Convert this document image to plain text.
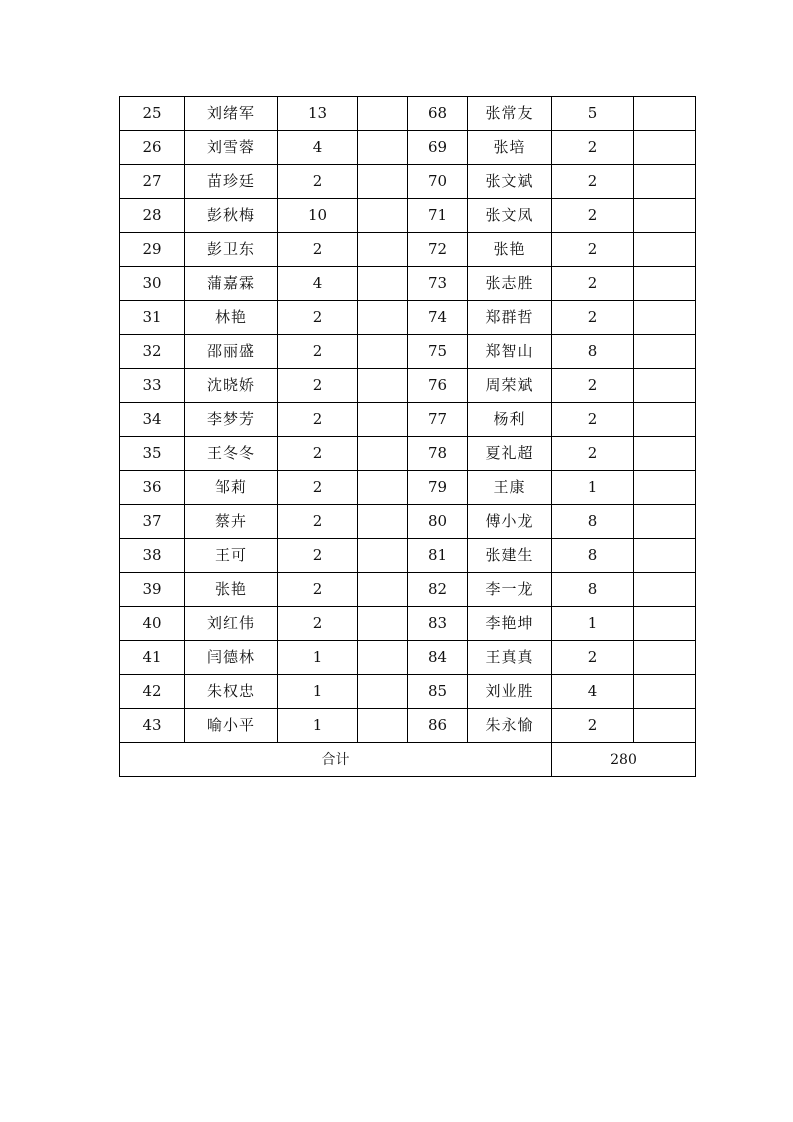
25	刘绪军	13		68	张常友	5	
26	刘雪蓉	4		69	张培	2	
27	苗珍廷	2		70	张文斌	2	
28	彭秋梅	10		71	张文凤	2	
29	彭卫东	2		72	张艳	2	
30	蒲嘉霖	4		73	张志胜	2	
31	林艳	2		74	郑群哲	2	
32	邵丽盛	2		75	郑智山	8	
33	沈晓娇	2		76	周荣斌	2	
34	李梦芳	2		77	杨利	2	
35	王冬冬	2		78	夏礼超	2	
36	邹莉	2		79	王康	1	
37	蔡卉	2		80	傅小龙	8	
38	王可	2		81	张建生	8	
39	张艳	2		82	李一龙	8	
40	刘红伟	2		83	李艳坤	1	
41	闫德林	1		84	王真真	2	
42	朱权忠	1		85	刘业胜	4	
43	喻小平	1		86	朱永愉	2	
合计						280	
